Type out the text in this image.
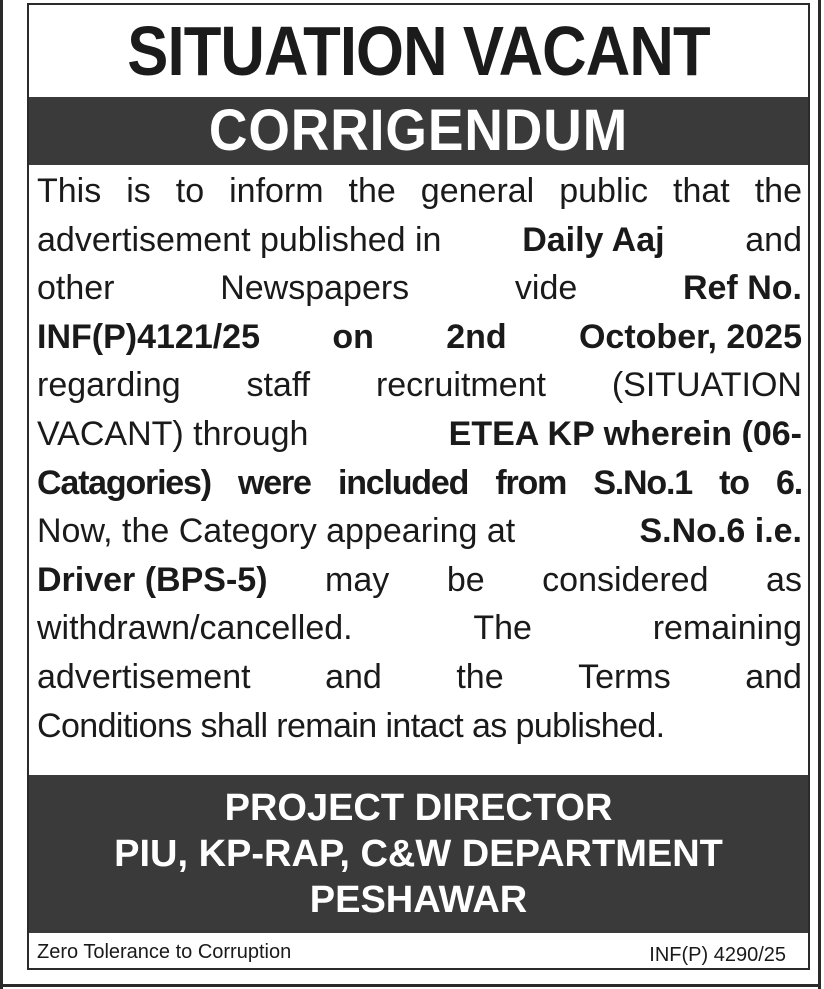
SITUATION VACANT
CORRIGENDUM
This is to inform the general public that the
advertisement published in Daily Aaj and
other	Newspapers	vide	Ref No.
INF(P)4121/25 on 2nd October, 2025
regarding staff recruitment (SITUATION
VACANT) through	ETEA KP wherein (06-
Catagories) were included from S.No.1 to 6.
Now, the Category appearing at	S.No.6 i.e.
Driver (BPS-5) may be considered as
withdrawn/cancelled.	The	remaining
advertisement and the Terms and
Conditions shall remain intact as published.
PROJECT DIRECTOR
PIU, KP-RAP, C&W DEPARTMENT
PESHAWAR
Zero Tolerance to Corruption	INF(P) 4290/25
